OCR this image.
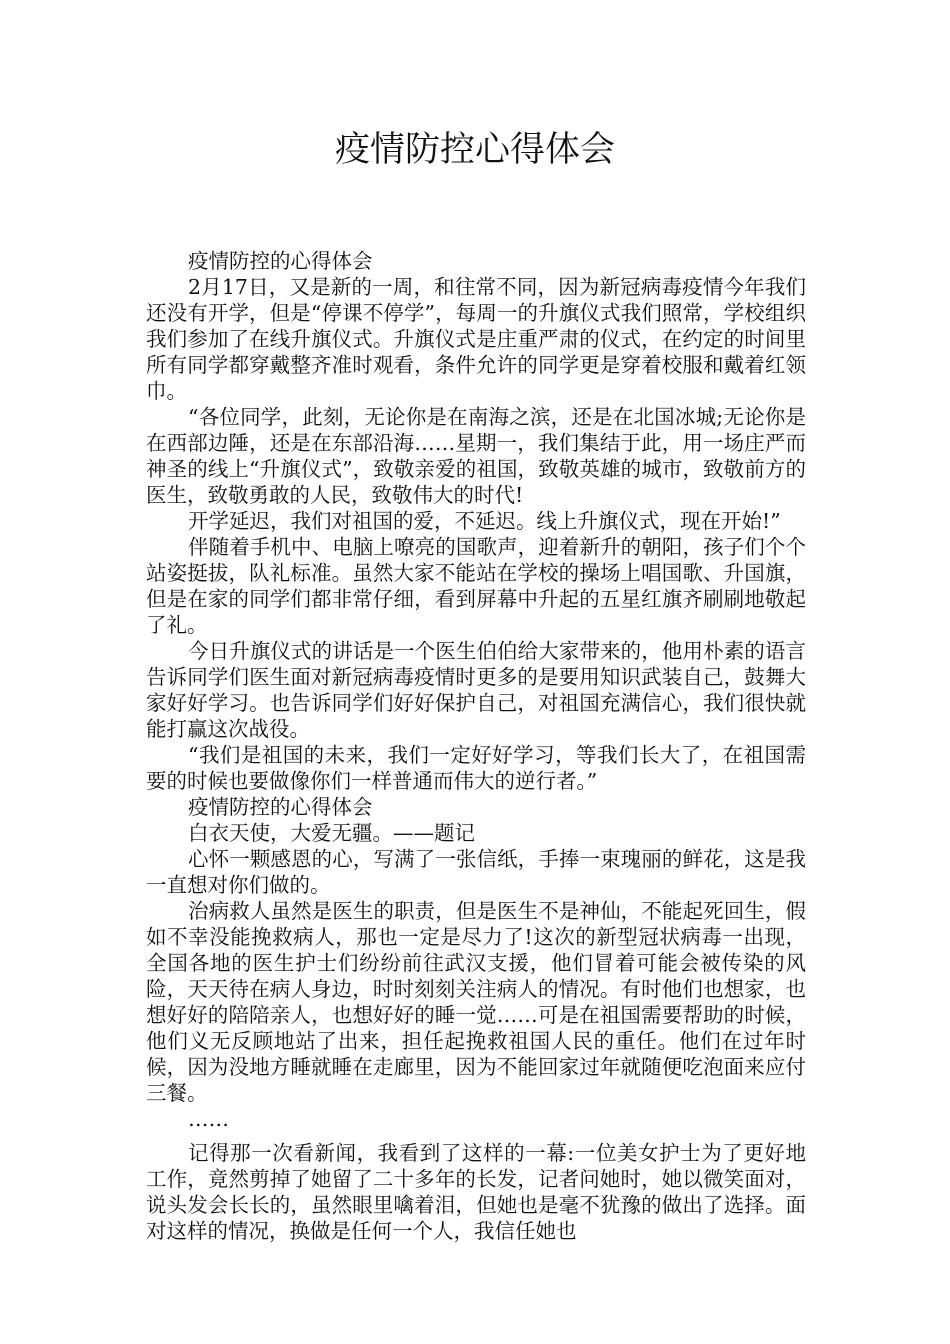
疫情防控心得体会

疫情防控的心得体会

2月17日，又是新的一周，和往常不同，因为新冠病毒疫情今年我们还没有开学，但是“停课不停学”，每周一的升旗仪式我们照常，学校组织我们参加了在线升旗仪式。升旗仪式是庄重严肃的仪式，在约定的时间里所有同学都穿戴整齐准时观看，条件允许的同学更是穿着校服和戴着红领巾。

“各位同学，此刻，无论你是在南海之滨，还是在北国冰城;无论你是在西部边陲，还是在东部沿海……星期一，我们集结于此，用一场庄严而神圣的线上“升旗仪式”，致敬亲爱的祖国，致敬英雄的城市，致敬前方的医生，致敬勇敢的人民，致敬伟大的时代!

开学延迟，我们对祖国的爱，不延迟。线上升旗仪式，现在开始!”

伴随着手机中、电脑上嘹亮的国歌声，迎着新升的朝阳，孩子们个个站姿挺拔，队礼标准。虽然大家不能站在学校的操场上唱国歌、升国旗，但是在家的同学们都非常仔细，看到屏幕中升起的五星红旗齐刷刷地敬起了礼。

今日升旗仪式的讲话是一个医生伯伯给大家带来的，他用朴素的语言告诉同学们医生面对新冠病毒疫情时更多的是要用知识武装自己，鼓舞大家好好学习。也告诉同学们好好保护自己，对祖国充满信心，我们很快就能打赢这次战役。

“我们是祖国的未来，我们一定好好学习，等我们长大了，在祖国需要的时候也要做像你们一样普通而伟大的逆行者。”

疫情防控的心得体会

白衣天使，大爱无疆。——题记

心怀一颗感恩的心，写满了一张信纸，手捧一束瑰丽的鲜花，这是我一直想对你们做的。

治病救人虽然是医生的职责，但是医生不是神仙，不能起死回生，假如不幸没能挽救病人，那也一定是尽力了!这次的新型冠状病毒一出现，全国各地的医生护士们纷纷前往武汉支援，他们冒着可能会被传染的风险，天天待在病人身边，时时刻刻关注病人的情况。有时他们也想家，也想好好的陪陪亲人，也想好好的睡一觉……可是在祖国需要帮助的时候，他们义无反顾地站了出来，担任起挽救祖国人民的重任。他们在过年时候，因为没地方睡就睡在走廊里，因为不能回家过年就随便吃泡面来应付三餐。

……

记得那一次看新闻，我看到了这样的一幕:一位美女护士为了更好地工作，竟然剪掉了她留了二十多年的长发，记者问她时，她以微笑面对，说头发会长长的，虽然眼里噙着泪，但她也是毫不犹豫的做出了选择。面对这样的情况，换做是任何一个人，我信任她也
